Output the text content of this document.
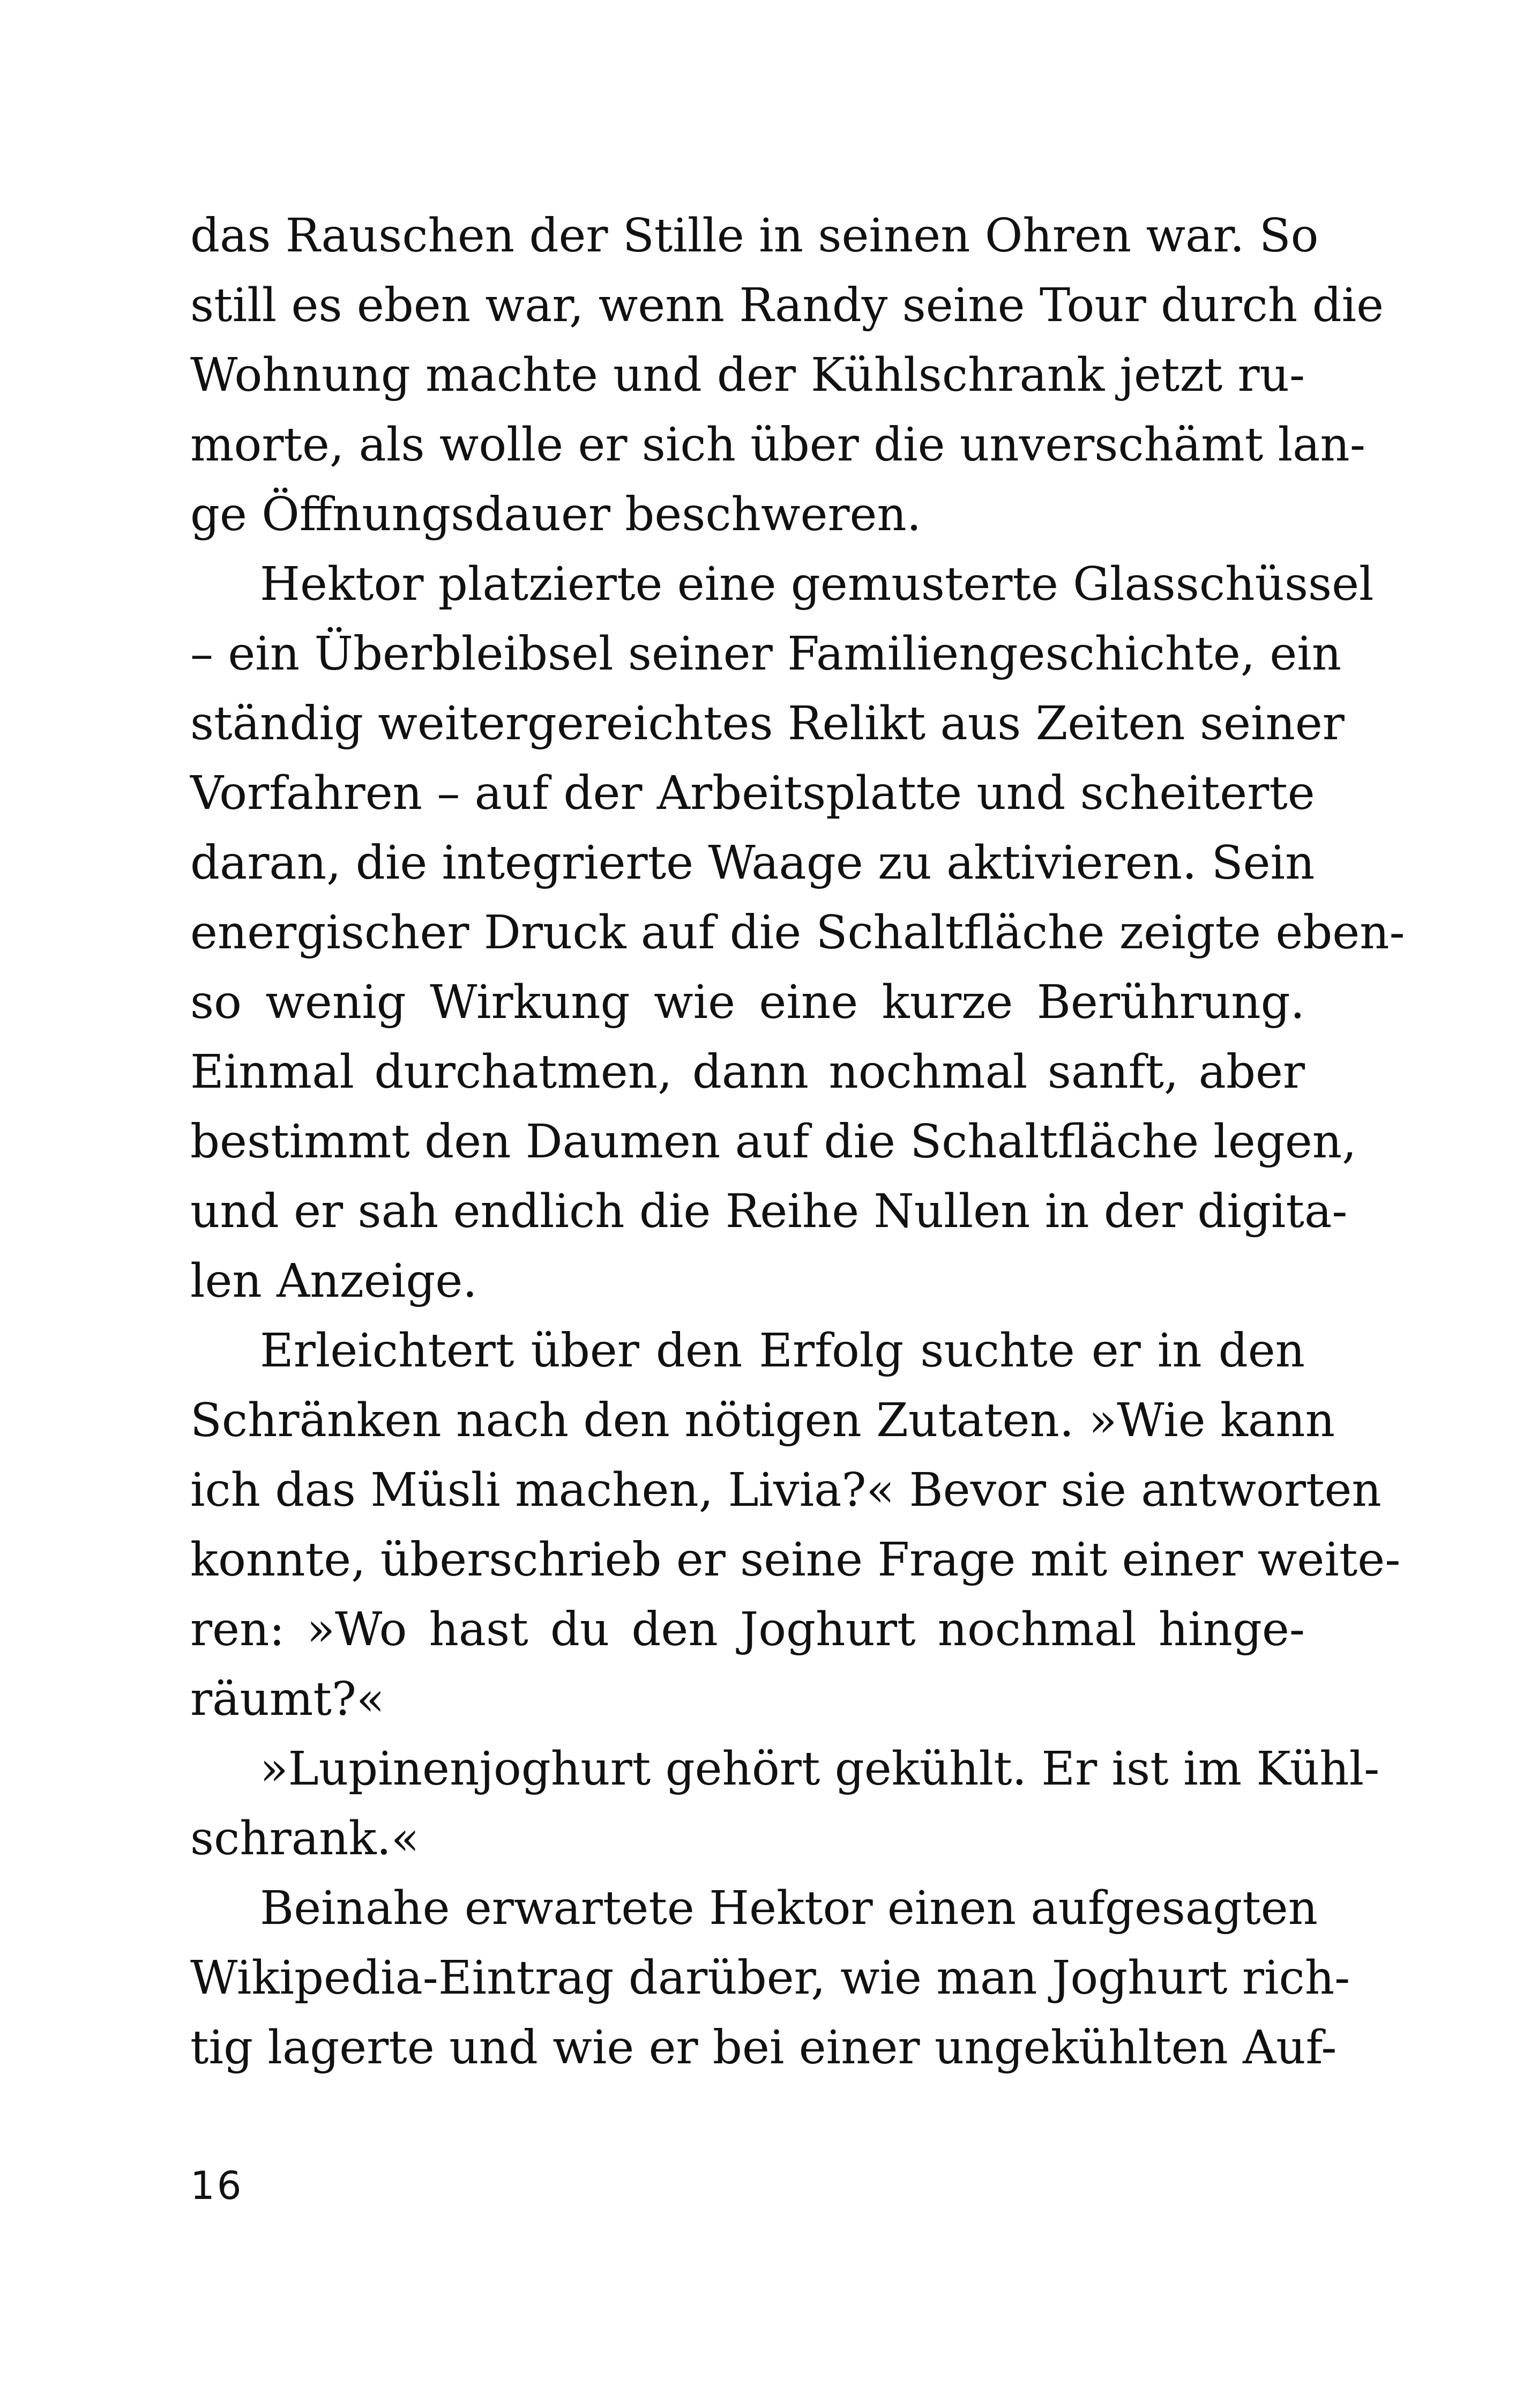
das Rauschen der Stille in seinen Ohren war. So
still es eben war, wenn Randy seine Tour durch die
Wohnung machte und der Kühlschrank jetzt ru-
morte, als wolle er sich über die unverschämt lan-
ge Öffnungsdauer beschweren.
Hektor platzierte eine gemusterte Glasschüssel
– ein Überbleibsel seiner Familiengeschichte, ein
ständig weitergereichtes Relikt aus Zeiten seiner
Vorfahren – auf der Arbeitsplatte und scheiterte
daran, die integrierte Waage zu aktivieren. Sein
energischer Druck auf die Schaltfläche zeigte eben-
so wenig Wirkung wie eine kurze Berührung.
Einmal durchatmen, dann nochmal sanft, aber
bestimmt den Daumen auf die Schaltfläche legen,
und er sah endlich die Reihe Nullen in der digita-
len Anzeige.
Erleichtert über den Erfolg suchte er in den
Schränken nach den nötigen Zutaten. »Wie kann
ich das Müsli machen, Livia?« Bevor sie antworten
konnte, überschrieb er seine Frage mit einer weite-
ren: »Wo hast du den Joghurt nochmal hinge-
räumt?«
»Lupinenjoghurt gehört gekühlt. Er ist im Kühl-
schrank.«
Beinahe erwartete Hektor einen aufgesagten
Wikipedia-Eintrag darüber, wie man Joghurt rich-
tig lagerte und wie er bei einer ungekühlten Auf-
16
